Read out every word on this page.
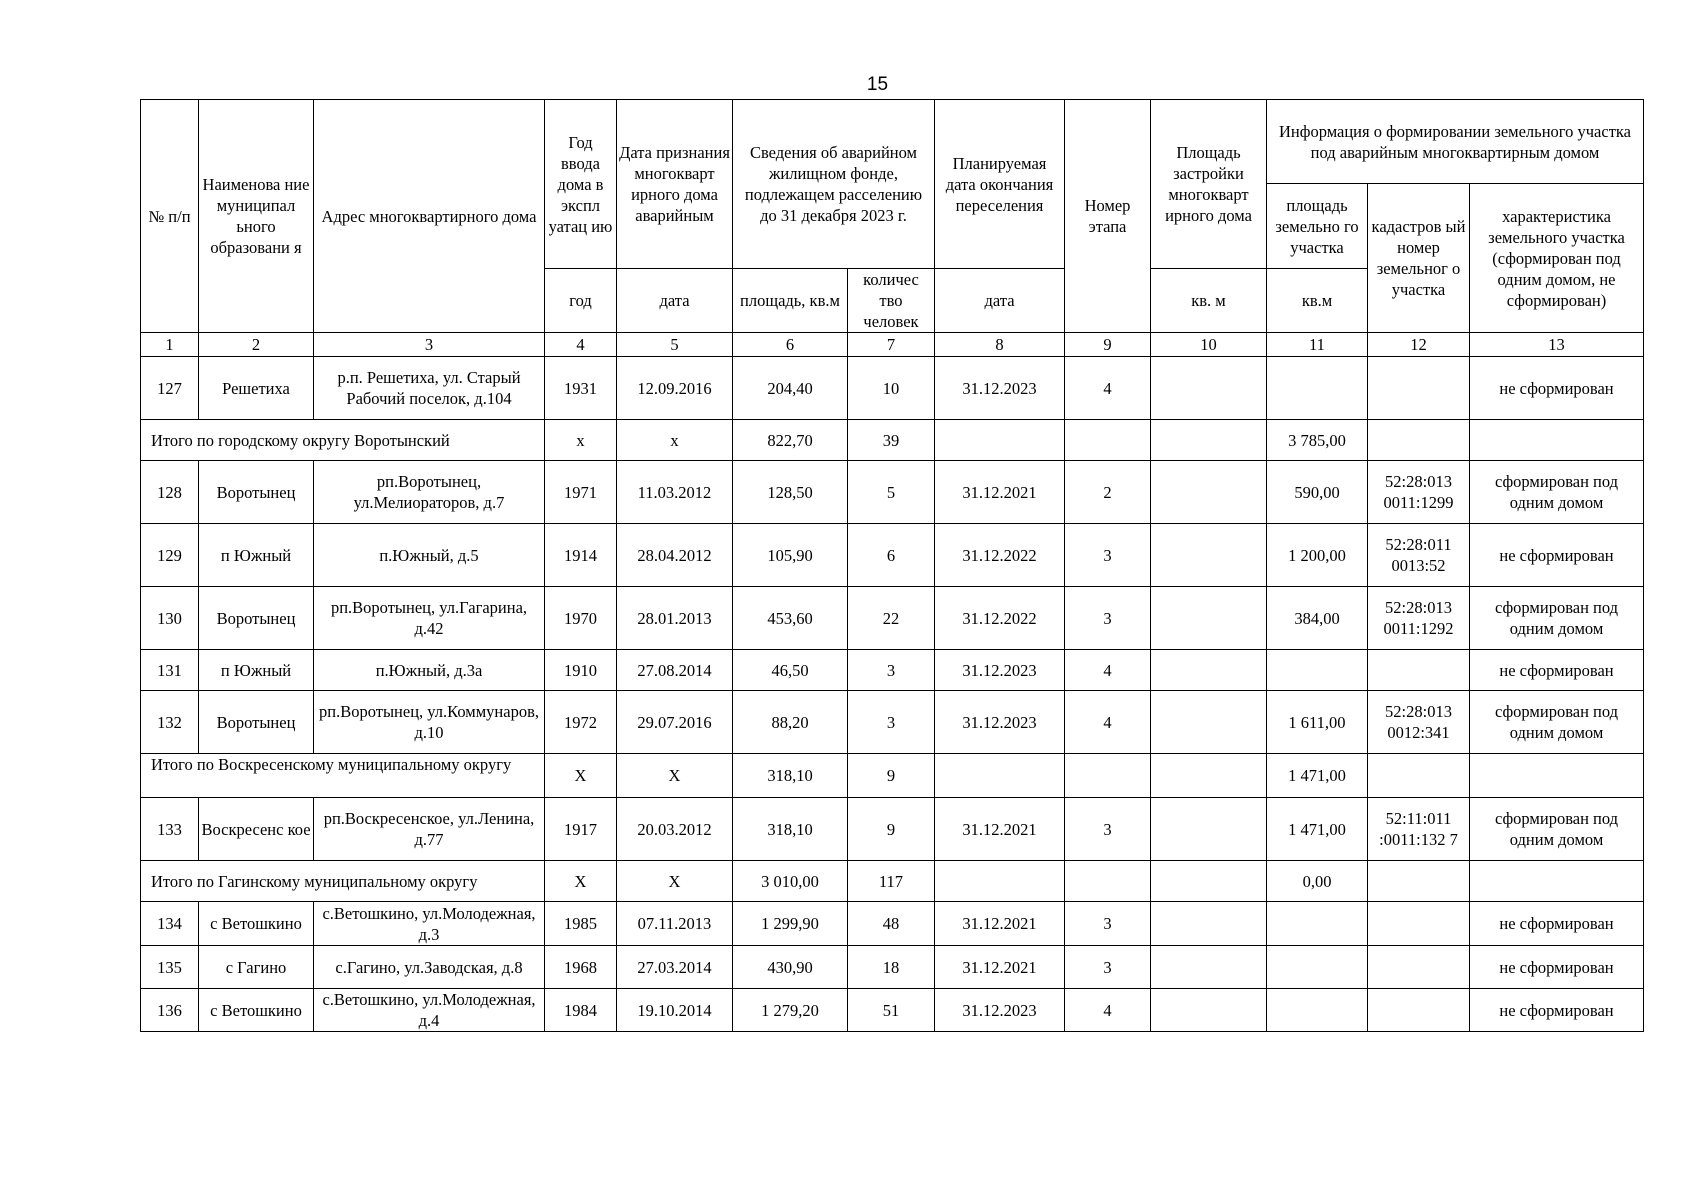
15
№ п/п	Наименова ние муниципал ьного образовани я	Адрес многоквартирного дома	Год ввода дома в экспл уатац ию	Дата признания многокварт ирного дома аварийным	Сведения об аварийном жилищном фонде, подлежащем расселению до 31 декабря 2023 г.		Планируемая дата окончания переселения	Номер этапа	Площадь застройки многокварт ирного дома	Информация о формировании земельного участка под аварийным многоквартирным домом		
										площадь земельно го участка	кадастров ый номер земельног о участка	характеристика земельного участка (сформирован под одним домом, не сформирован)
			год	дата	площадь, кв.м	количес тво человек	дата		кв. м	кв.м		
1	2	3	4	5	6	7	8	9	10	11	12	13
127	Решетиха	р.п. Решетиха, ул. Старый Рабочий поселок, д.104	1931	12.09.2016	204,40	10	31.12.2023	4				не сформирован
Итого по городскому округу Воротынский			x	x	822,70	39				3 785,00		
128	Воротынец	рп.Воротынец, ул.Мелиораторов, д.7	1971	11.03.2012	128,50	5	31.12.2021	2		590,00	52:28:013 0011:1299	сформирован под одним домом
129	п Южный	п.Южный, д.5	1914	28.04.2012	105,90	6	31.12.2022	3		1 200,00	52:28:011 0013:52	не сформирован
130	Воротынец	рп.Воротынец, ул.Гагарина, д.42	1970	28.01.2013	453,60	22	31.12.2022	3		384,00	52:28:013 0011:1292	сформирован под одним домом
131	п Южный	п.Южный, д.3а	1910	27.08.2014	46,50	3	31.12.2023	4				не сформирован
132	Воротынец	рп.Воротынец, ул.Коммунаров, д.10	1972	29.07.2016	88,20	3	31.12.2023	4		1 611,00	52:28:013 0012:341	сформирован под одним домом
Итого по Воскресенскому муниципальному округу			Х	Х	318,10	9				1 471,00		
133	Воскресенс кое	рп.Воскресенское, ул.Ленина, д.77	1917	20.03.2012	318,10	9	31.12.2021	3		1 471,00	52:11:011 :0011:132 7	сформирован под одним домом
Итого по Гагинскому муниципальному округу			Х	Х	3 010,00	117				0,00		
134	с Ветошкино	с.Ветошкино, ул.Молодежная, д.3	1985	07.11.2013	1 299,90	48	31.12.2021	3				не сформирован
135	с Гагино	с.Гагино, ул.Заводская, д.8	1968	27.03.2014	430,90	18	31.12.2021	3				не сформирован
136	с Ветошкино	с.Ветошкино, ул.Молодежная, д.4	1984	19.10.2014	1 279,20	51	31.12.2023	4				не сформирован
